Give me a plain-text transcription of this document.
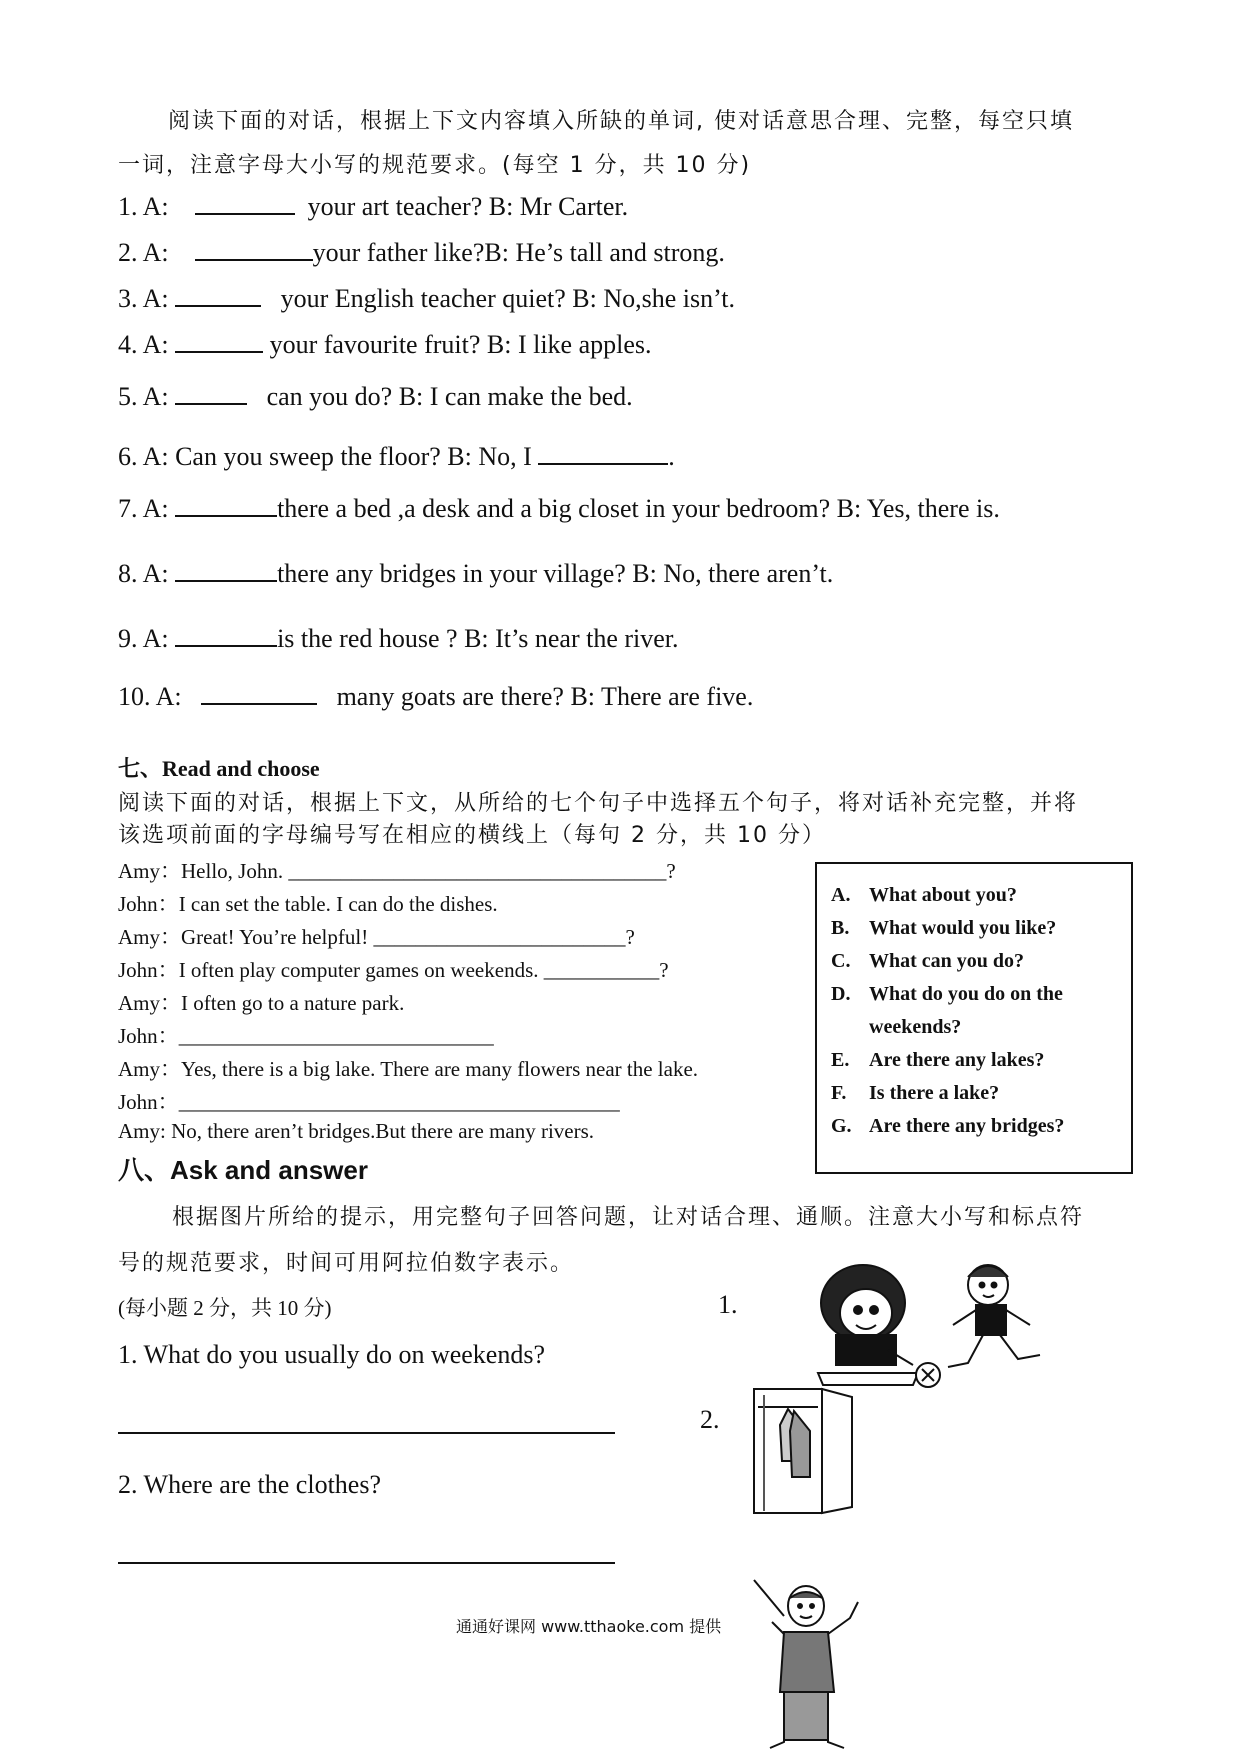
阅读下面的对话，根据上下文内容填入所缺的单词, 使对话意思合理、完整，每空只填
一词，注意字母大小写的规范要求。(每空 1 分，共 10 分)
1. A:	your art teacher? B: Mr Carter.
2. A:	your father like?B: He’s tall and strong.
3. A:	your English teacher quiet? B: No,she isn’t.
4. A:	your favourite fruit? B: I like apples.
5. A:	can you do? B: I can make the bed.
6. A: Can you sweep the floor? B: No, I	.
7. A:	there a bed ,a desk and a big closet in your bedroom? B: Yes, there is.
8. A:	there any bridges in your village? B: No, there aren’t.
9. A:	is the red house ? B: It’s near the river.
10. A:	many goats are there? B: There are five.
七、Read and choose
阅读下面的对话，根据上下文，从所给的七个句子中选择五个句子，将对话补充完整，并将
该选项前面的字母编号写在相应的横线上（每句 2 分，共 10 分）
Amy：Hello, John. ____________________________________?
John：I can set the table. I can do the dishes.
Amy：Great! You’re helpful! ________________________?
John：I often play computer games on weekends. ___________?
Amy：I often go to a nature park.
John：______________________________
Amy：Yes, there is a big lake. There are many flowers near the lake.
John：__________________________________________
Amy: No, there aren’t bridges.But there are many rivers.
A. What about you?
B. What would you like?
C. What can you do?
D. What do you do on the
weekends?
E. Are there any lakes?
F. Is there a lake?
G. Are there any bridges?
八、Ask and answer
根据图片所给的提示，用完整句子回答问题，让对话合理、通顺。注意大小写和标点符
号的规范要求，时间可用阿拉伯数字表示。
(每小题 2 分，共 10 分)	1.
2.
1. What do you usually do on weekends?
2. Where are the clothes?
通通好课网 www.tthaoke.com 提供
